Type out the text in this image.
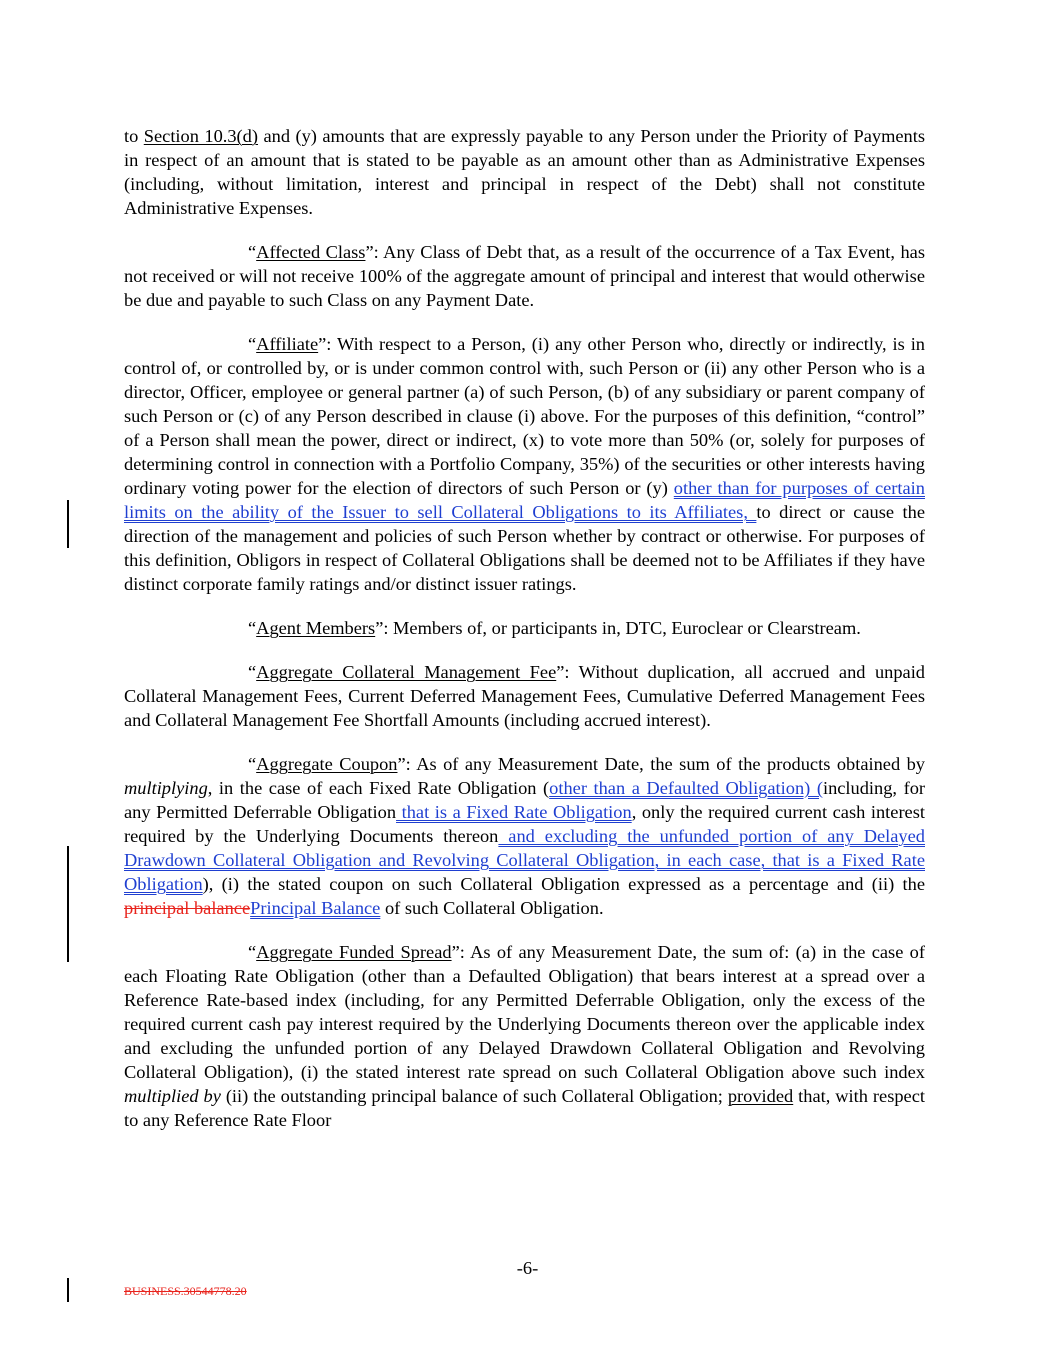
to Section 10.3(d) and (y) amounts that are expressly payable to any Person under the Priority of Payments in respect of an amount that is stated to be payable as an amount other than as Administrative Expenses (including, without limitation, interest and principal in respect of the Debt) shall not constitute Administrative Expenses.

“Affected Class”: Any Class of Debt that, as a result of the occurrence of a Tax Event, has not received or will not receive 100% of the aggregate amount of principal and interest that would otherwise be due and payable to such Class on any Payment Date.

“Affiliate”: With respect to a Person, (i) any other Person who, directly or indirectly, is in control of, or controlled by, or is under common control with, such Person or (ii) any other Person who is a director, Officer, employee or general partner (a) of such Person, (b) of any subsidiary or parent company of such Person or (c) of any Person described in clause (i) above. For the purposes of this definition, “control” of a Person shall mean the power, direct or indirect, (x) to vote more than 50% (or, solely for purposes of determining control in connection with a Portfolio Company, 35%) of the securities or other interests having ordinary voting power for the election of directors of such Person or (y) other than for purposes of certain limits on the ability of the Issuer to sell Collateral Obligations to its Affiliates, to direct or cause the direction of the management and policies of such Person whether by contract or otherwise. For purposes of this definition, Obligors in respect of Collateral Obligations shall be deemed not to be Affiliates if they have distinct corporate family ratings and/or distinct issuer ratings.

“Agent Members”: Members of, or participants in, DTC, Euroclear or Clearstream.

“Aggregate Collateral Management Fee”: Without duplication, all accrued and unpaid Collateral Management Fees, Current Deferred Management Fees, Cumulative Deferred Management Fees and Collateral Management Fee Shortfall Amounts (including accrued interest).

“Aggregate Coupon”: As of any Measurement Date, the sum of the products obtained by multiplying, in the case of each Fixed Rate Obligation (other than a Defaulted Obligation) (including, for any Permitted Deferrable Obligation that is a Fixed Rate Obligation, only the required current cash interest required by the Underlying Documents thereon and excluding the unfunded portion of any Delayed Drawdown Collateral Obligation and Revolving Collateral Obligation, in each case, that is a Fixed Rate Obligation), (i) the stated coupon on such Collateral Obligation expressed as a percentage and (ii) the principal balancePrincipal Balance of such Collateral Obligation.

“Aggregate Funded Spread”: As of any Measurement Date, the sum of: (a) in the case of each Floating Rate Obligation (other than a Defaulted Obligation) that bears interest at a spread over a Reference Rate-based index (including, for any Permitted Deferrable Obligation, only the excess of the required current cash pay interest required by the Underlying Documents thereon over the applicable index and excluding the unfunded portion of any Delayed Drawdown Collateral Obligation and Revolving Collateral Obligation), (i) the stated interest rate spread on such Collateral Obligation above such index multiplied by (ii) the outstanding principal balance of such Collateral Obligation; provided that, with respect to any Reference Rate Floor

-6-
BUSINESS.30544778.20
